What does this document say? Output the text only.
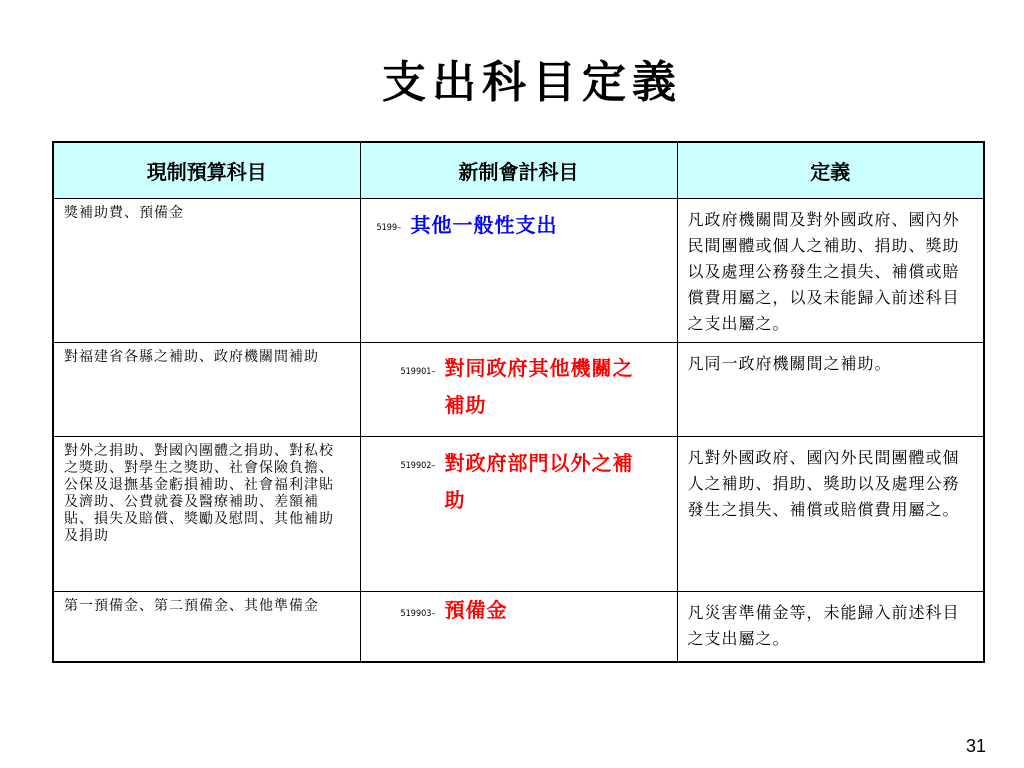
支出科目定義
現制預算科目	新制會計科目	定義
獎補助費、預備金	5199– 其他一般性支出	凡政府機關間及對外國政府、國內外民間團體或個人之補助、捐助、獎助以及處理公務發生之損失、補償或賠償費用屬之，以及未能歸入前述科目之支出屬之。
對福建省各縣之補助、政府機關間補助	519901– 對同政府其他機關之補助	凡同一政府機關間之補助。
對外之捐助、對國內團體之捐助、對私校之獎助、對學生之獎助、社會保險負擔、公保及退撫基金虧損補助、社會福利津貼及濟助、公費就養及醫療補助、差額補貼、損失及賠償、獎勵及慰問、其他補助及捐助	519902– 對政府部門以外之補助	凡對外國政府、國內外民間團體或個人之補助、捐助、獎助以及處理公務發生之損失、補償或賠償費用屬之。
第一預備金、第二預備金、其他準備金	519903– 預備金	凡災害準備金等，未能歸入前述科目之支出屬之。
31
